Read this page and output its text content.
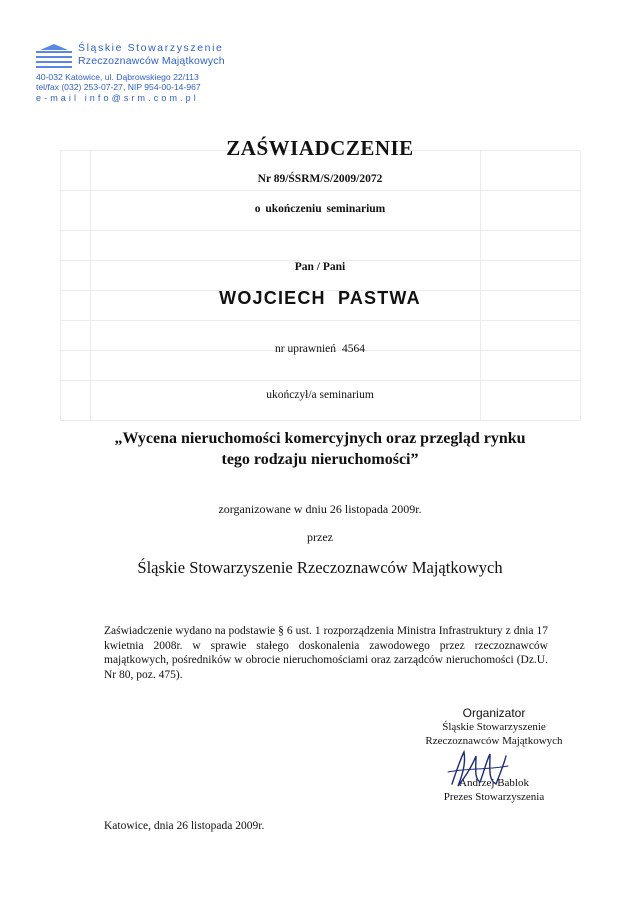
Śląskie Stowarzyszenie
Rzeczoznawców Majątkowych
40-032 Katowice, ul. Dąbrowskiego 22/113
tel/fax (032) 253-07-27, NIP 954-00-14-967
e-mail info@srm.com.pl
ZAŚWIADCZENIE
Nr 89/ŚSRM/S/2009/2072
o ukończeniu seminarium
Pan / Pani
WOJCIECH PASTWA
nr uprawnień 4564
ukończył/a seminarium
„Wycena nieruchomości komercyjnych oraz przegląd rynku
tego rodzaju nieruchomości”
zorganizowane w dniu 26 listopada 2009r.
przez
Śląskie Stowarzyszenie Rzeczoznawców Majątkowych
Zaświadczenie wydano na podstawie § 6 ust. 1 rozporządzenia Ministra Infrastruktury z dnia 17 kwietnia 2008r. w sprawie stałego doskonalenia zawodowego przez rzeczoznawców majątkowych, pośredników w obrocie nieruchomościami oraz zarządców nieruchomości (Dz.U. Nr 80, poz. 475).
Organizator
Śląskie Stowarzyszenie
Rzeczoznawców Majątkowych
Andrzej Bablok
Prezes Stowarzyszenia
Katowice, dnia 26 listopada 2009r.
